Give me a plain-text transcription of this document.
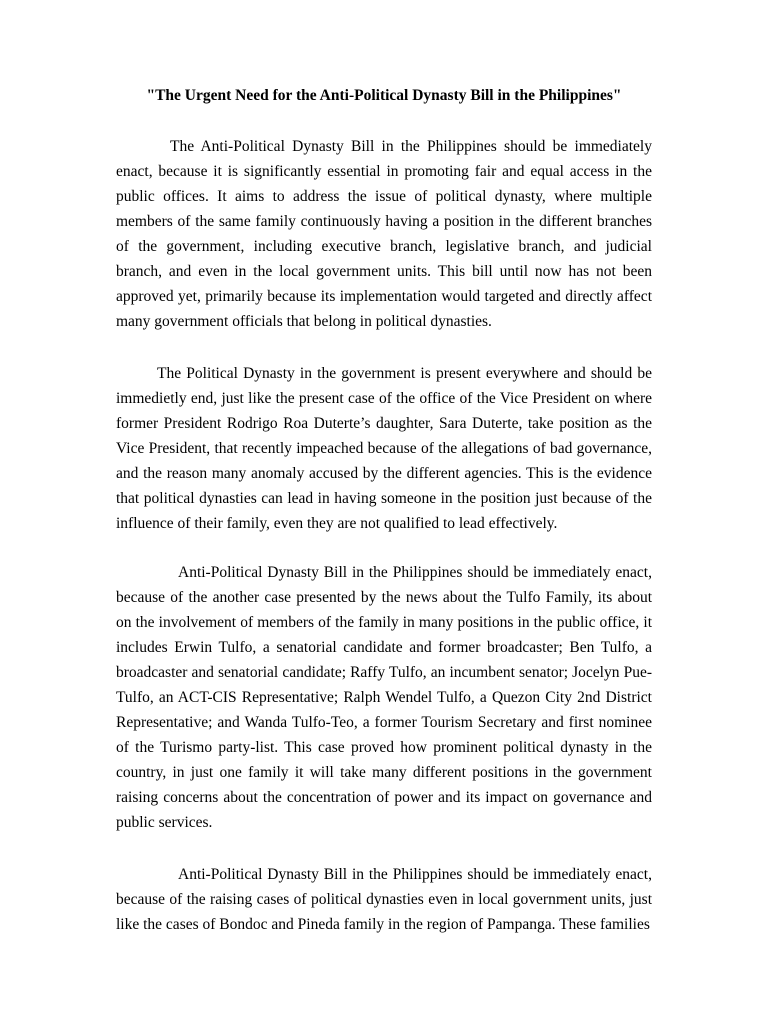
"The Urgent Need for the Anti-Political Dynasty Bill in the Philippines"

The Anti-Political Dynasty Bill in the Philippines should be immediately enact, because it is significantly essential in promoting fair and equal access in the public offices. It aims to address the issue of political dynasty, where multiple members of the same family continuously having a position in the different branches of the government, including executive branch, legislative branch, and judicial branch, and even in the local government units. This bill until now has not been approved yet, primarily because its implementation would targeted and directly affect many government officials that belong in political dynasties.

The Political Dynasty in the government is present everywhere and should be immedietly end, just like the present case of the office of the Vice President on where former President Rodrigo Roa Duterte’s daughter, Sara Duterte, take position as the Vice President, that recently impeached because of the allegations of bad governance, and the reason many anomaly accused by the different agencies. This is the evidence that political dynasties can lead in having someone in the position just because of the influence of their family, even they are not qualified to lead effectively.

Anti-Political Dynasty Bill in the Philippines should be immediately enact, because of the another case presented by the news about the Tulfo Family, its about on the involvement of members of the family in many positions in the public office, it includes Erwin Tulfo, a senatorial candidate and former broadcaster; Ben Tulfo, a broadcaster and senatorial candidate; Raffy Tulfo, an incumbent senator; Jocelyn Pue-Tulfo, an ACT-CIS Representative; Ralph Wendel Tulfo, a Quezon City 2nd District Representative; and Wanda Tulfo-Teo, a former Tourism Secretary and first nominee of the Turismo party-list. This case proved how prominent political dynasty in the country, in just one family it will take many different positions in the government raising concerns about the concentration of power and its impact on governance and public services.

Anti-Political Dynasty Bill in the Philippines should be immediately enact, because of the raising cases of political dynasties even in local government units, just like the cases of Bondoc and Pineda family in the region of Pampanga. These families
